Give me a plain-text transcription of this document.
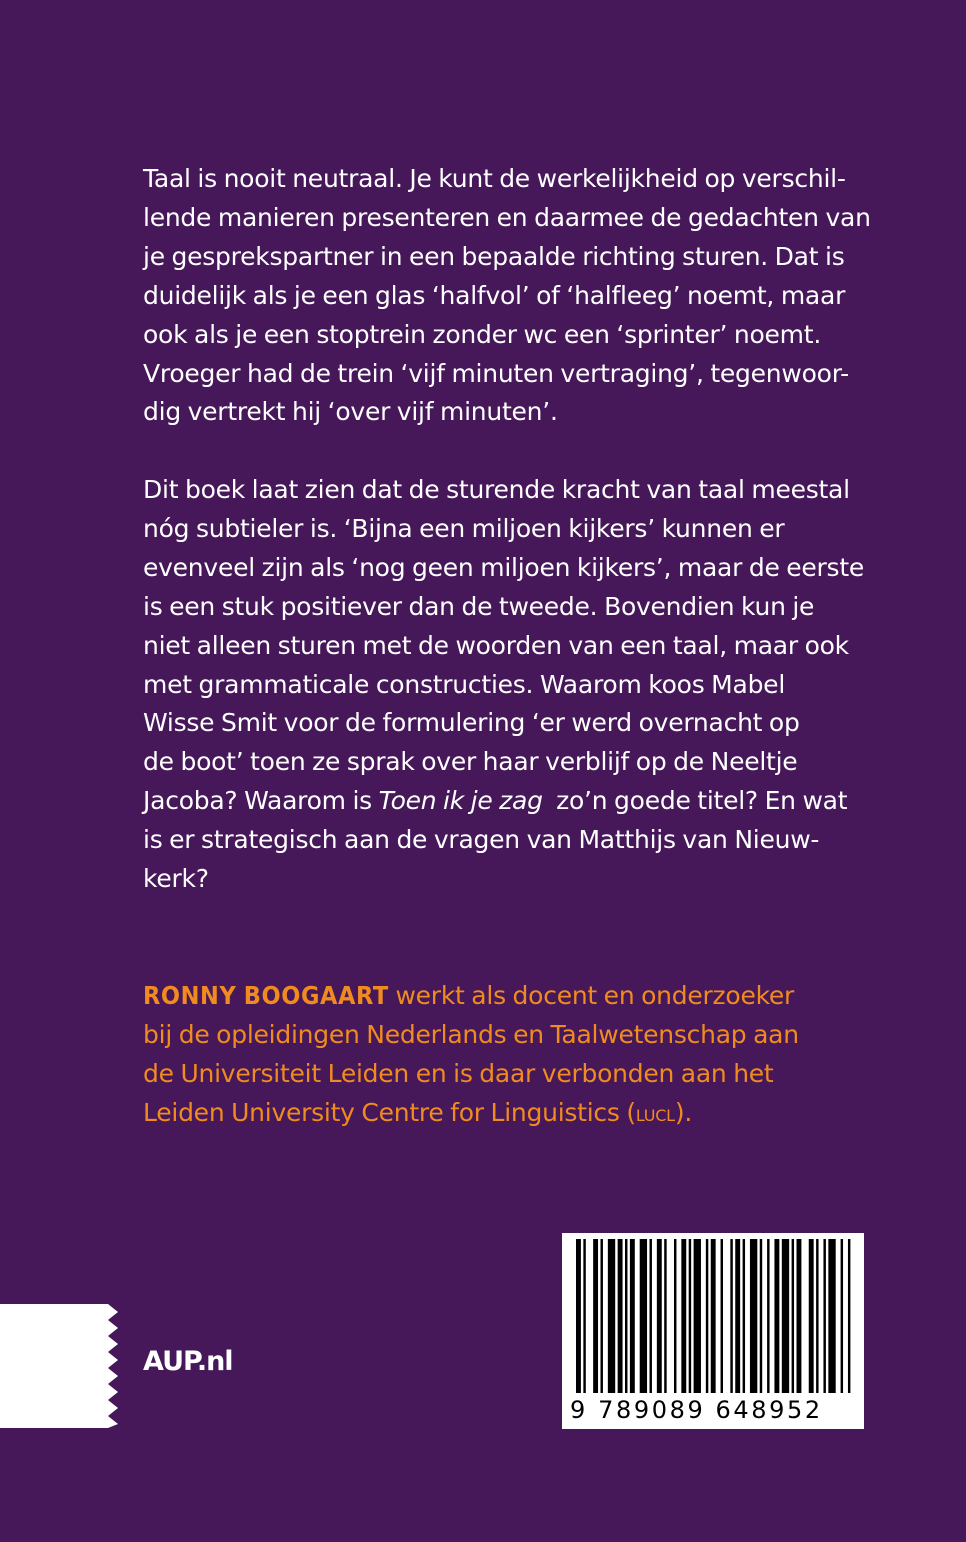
Taal is nooit neutraal. Je kunt de werkelijkheid op verschil-
lende manieren presenteren en daarmee de gedachten van
je gesprekspartner in een bepaalde richting sturen. Dat is
duidelijk als je een glas ‘halfvol’ of ‘halfleeg’ noemt, maar
ook als je een stoptrein zonder wc een ‘sprinter’ noemt.
Vroeger had de trein ‘vijf minuten vertraging’, tegenwoor-
dig vertrekt hij ‘over vijf minuten’.
Dit boek laat zien dat de sturende kracht van taal meestal
nóg subtieler is. ‘Bijna een miljoen kijkers’ kunnen er
evenveel zijn als ‘nog geen miljoen kijkers’, maar de eerste
is een stuk positiever dan de tweede. Bovendien kun je
niet alleen sturen met de woorden van een taal, maar ook
met grammaticale constructies. Waarom koos Mabel
Wisse Smit voor de formulering ‘er werd overnacht op
de boot’ toen ze sprak over haar verblijf op de Neeltje
Jacoba? Waarom is Toen ik je zag  zo’n goede titel? En wat
is er strategisch aan de vragen van Matthijs van Nieuw-
kerk?
RONNY BOOGAART werkt als docent en onderzoeker
bij de opleidingen Nederlands en Taalwetenschap aan
de Universiteit Leiden en is daar verbonden aan het
Leiden University Centre for Linguistics (lucl).
AUP.nl
9 789089 648952
